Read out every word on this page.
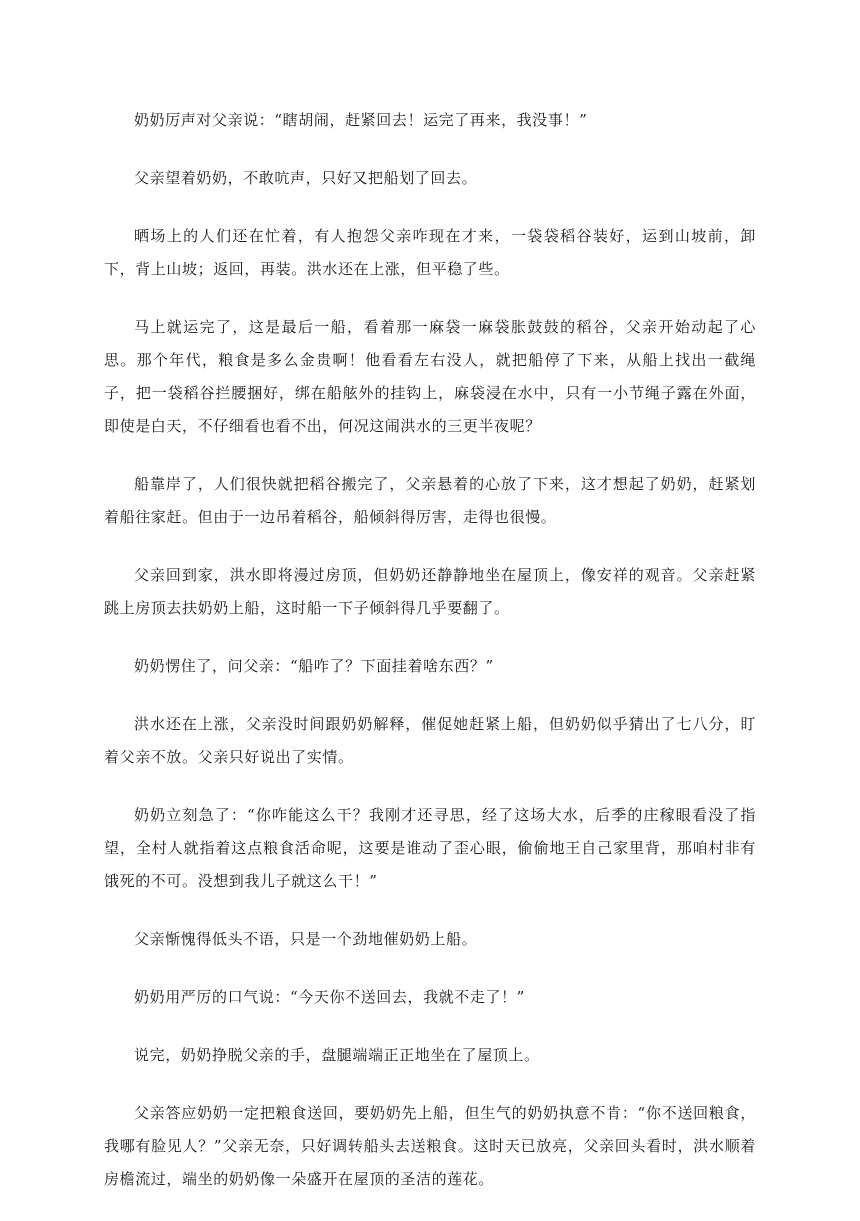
奶奶厉声对父亲说：“瞎胡闹，赶紧回去！运完了再来，我没事！”

父亲望着奶奶，不敢吭声，只好又把船划了回去。

晒场上的人们还在忙着，有人抱怨父亲咋现在才来，一袋袋稻谷装好，运到山坡前，卸下，背上山坡；返回，再装。洪水还在上涨，但平稳了些。

马上就运完了，这是最后一船，看着那一麻袋一麻袋胀鼓鼓的稻谷，父亲开始动起了心思。那个年代，粮食是多么金贵啊！他看看左右没人，就把船停了下来，从船上找出一截绳子，把一袋稻谷拦腰捆好，绑在船舷外的挂钩上，麻袋浸在水中，只有一小节绳子露在外面，即使是白天，不仔细看也看不出，何况这闹洪水的三更半夜呢？

船靠岸了，人们很快就把稻谷搬完了，父亲悬着的心放了下来，这才想起了奶奶，赶紧划着船往家赶。但由于一边吊着稻谷，船倾斜得厉害，走得也很慢。

父亲回到家，洪水即将漫过房顶，但奶奶还静静地坐在屋顶上，像安祥的观音。父亲赶紧跳上房顶去扶奶奶上船，这时船一下子倾斜得几乎要翻了。

奶奶愣住了，问父亲：“船咋了？下面挂着啥东西？”

洪水还在上涨，父亲没时间跟奶奶解释，催促她赶紧上船，但奶奶似乎猜出了七八分，盯着父亲不放。父亲只好说出了实情。

奶奶立刻急了：“你咋能这么干？我刚才还寻思，经了这场大水，后季的庄稼眼看没了指望，全村人就指着这点粮食活命呢，这要是谁动了歪心眼，偷偷地王自己家里背，那咱村非有饿死的不可。没想到我儿子就这么干！”

父亲惭愧得低头不语，只是一个劲地催奶奶上船。

奶奶用严厉的口气说：“今天你不送回去，我就不走了！”

说完，奶奶挣脱父亲的手，盘腿端端正正地坐在了屋顶上。

父亲答应奶奶一定把粮食送回，要奶奶先上船，但生气的奶奶执意不肯：“你不送回粮食，我哪有脸见人？”父亲无奈，只好调转船头去送粮食。这时天已放亮，父亲回头看时，洪水顺着房檐流过，端坐的奶奶像一朵盛开在屋顶的圣洁的莲花。
